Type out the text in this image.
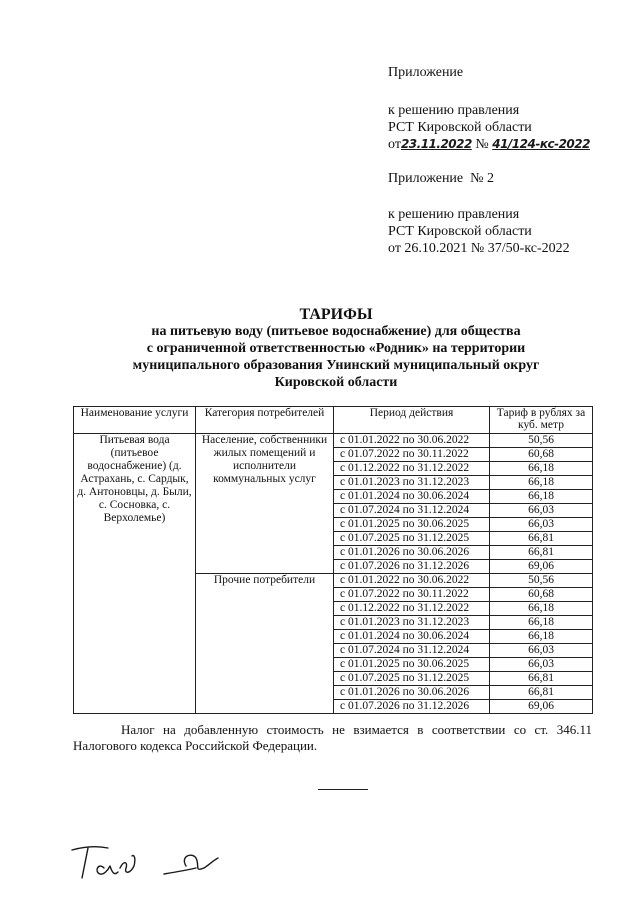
Приложение
к решению правления
РСТ Кировской области
от23.11.2022 № 41/124-кс-2022
Приложение  № 2
к решению правления
РСТ Кировской области
от 26.10.2021 № 37/50-кс-2022
ТАРИФЫ
на питьевую воду (питьевое водоснабжение) для общества
с ограниченной ответственностью «Родник» на территории
муниципального образования Унинский муниципальный округ
Кировской области
Наименование услуги	Категория потребителей	Период действия	Тариф в рублях за куб. метр
Питьевая вода (питьевое водоснабжение) (д. Астрахань, с. Сардык, д. Антоновцы, д. Были, с. Сосновка, с. Верхолемье)	Население, собственники жилых помещений и исполнители коммунальных услуг	с 01.01.2022 по 30.06.2022	50,56
		с 01.07.2022 по 30.11.2022	60,68
		с 01.12.2022 по 31.12.2022	66,18
		с 01.01.2023 по 31.12.2023	66,18
		с 01.01.2024 по 30.06.2024	66,18
		с 01.07.2024 по 31.12.2024	66,03
		с 01.01.2025 по 30.06.2025	66,03
		с 01.07.2025 по 31.12.2025	66,81
		с 01.01.2026 по 30.06.2026	66,81
		с 01.07.2026 по 31.12.2026	69,06
	Прочие потребители	с 01.01.2022 по 30.06.2022	50,56
		с 01.07.2022 по 30.11.2022	60,68
		с 01.12.2022 по 31.12.2022	66,18
		с 01.01.2023 по 31.12.2023	66,18
		с 01.01.2024 по 30.06.2024	66,18
		с 01.07.2024 по 31.12.2024	66,03
		с 01.01.2025 по 30.06.2025	66,03
		с 01.07.2025 по 31.12.2025	66,81
		с 01.01.2026 по 30.06.2026	66,81
		с 01.07.2026 по 31.12.2026	69,06
Налог на добавленную стоимость не взимается в соответствии со ст. 346.11 Налогового кодекса Российской Федерации.
